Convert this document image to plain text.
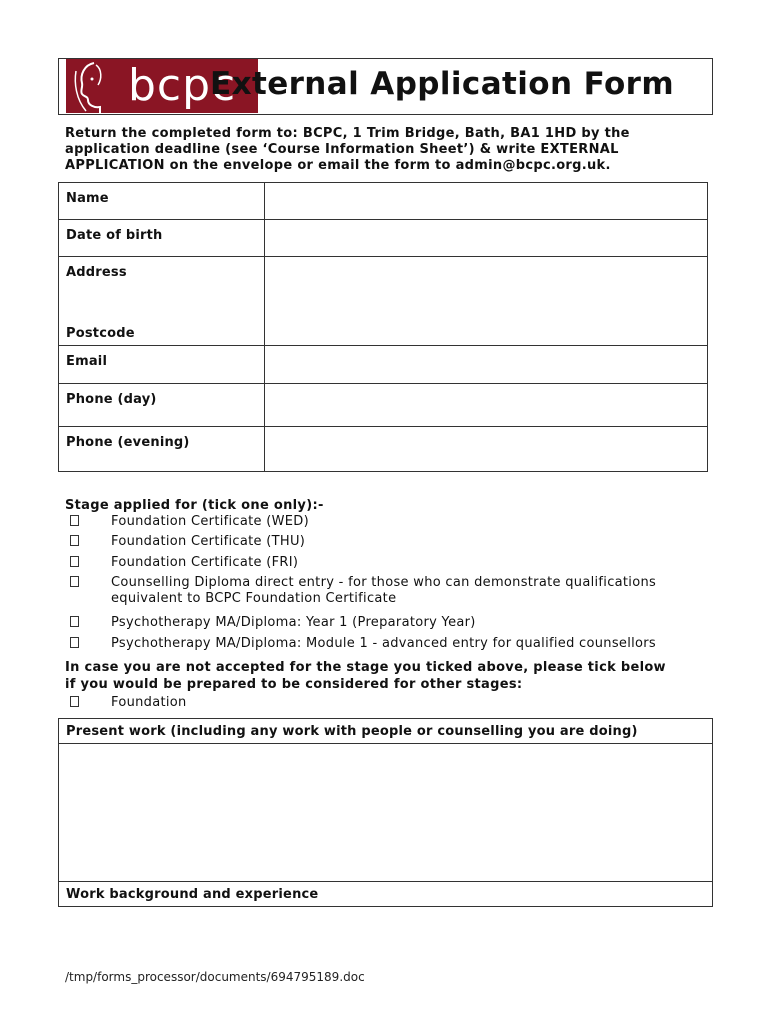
bcpc
External Application Form
Return the completed form to: BCPC, 1 Trim Bridge, Bath, BA1 1HD by the
application deadline (see ‘Course Information Sheet’) & write EXTERNAL
APPLICATION on the envelope or email the form to admin@bcpc.org.uk.
Name	
Date of birth	
Address
Postcode	

Email	
Phone (day)	
Phone (evening)	
Stage applied for (tick one only):-
Foundation Certificate (WED)
Foundation Certificate (THU)
Foundation Certificate (FRI)
Counselling Diploma direct entry - for those who can demonstrate qualifications
equivalent to BCPC Foundation Certificate
Psychotherapy MA/Diploma: Year 1 (Preparatory Year)
Psychotherapy MA/Diploma: Module 1 - advanced entry for qualified counsellors
In case you are not accepted for the stage you ticked above, please tick below
if you would be prepared to be considered for other stages:
Foundation
Present work (including any work with people or counselling you are doing)
Work background and experience
/tmp/forms_processor/documents/694795189.doc
